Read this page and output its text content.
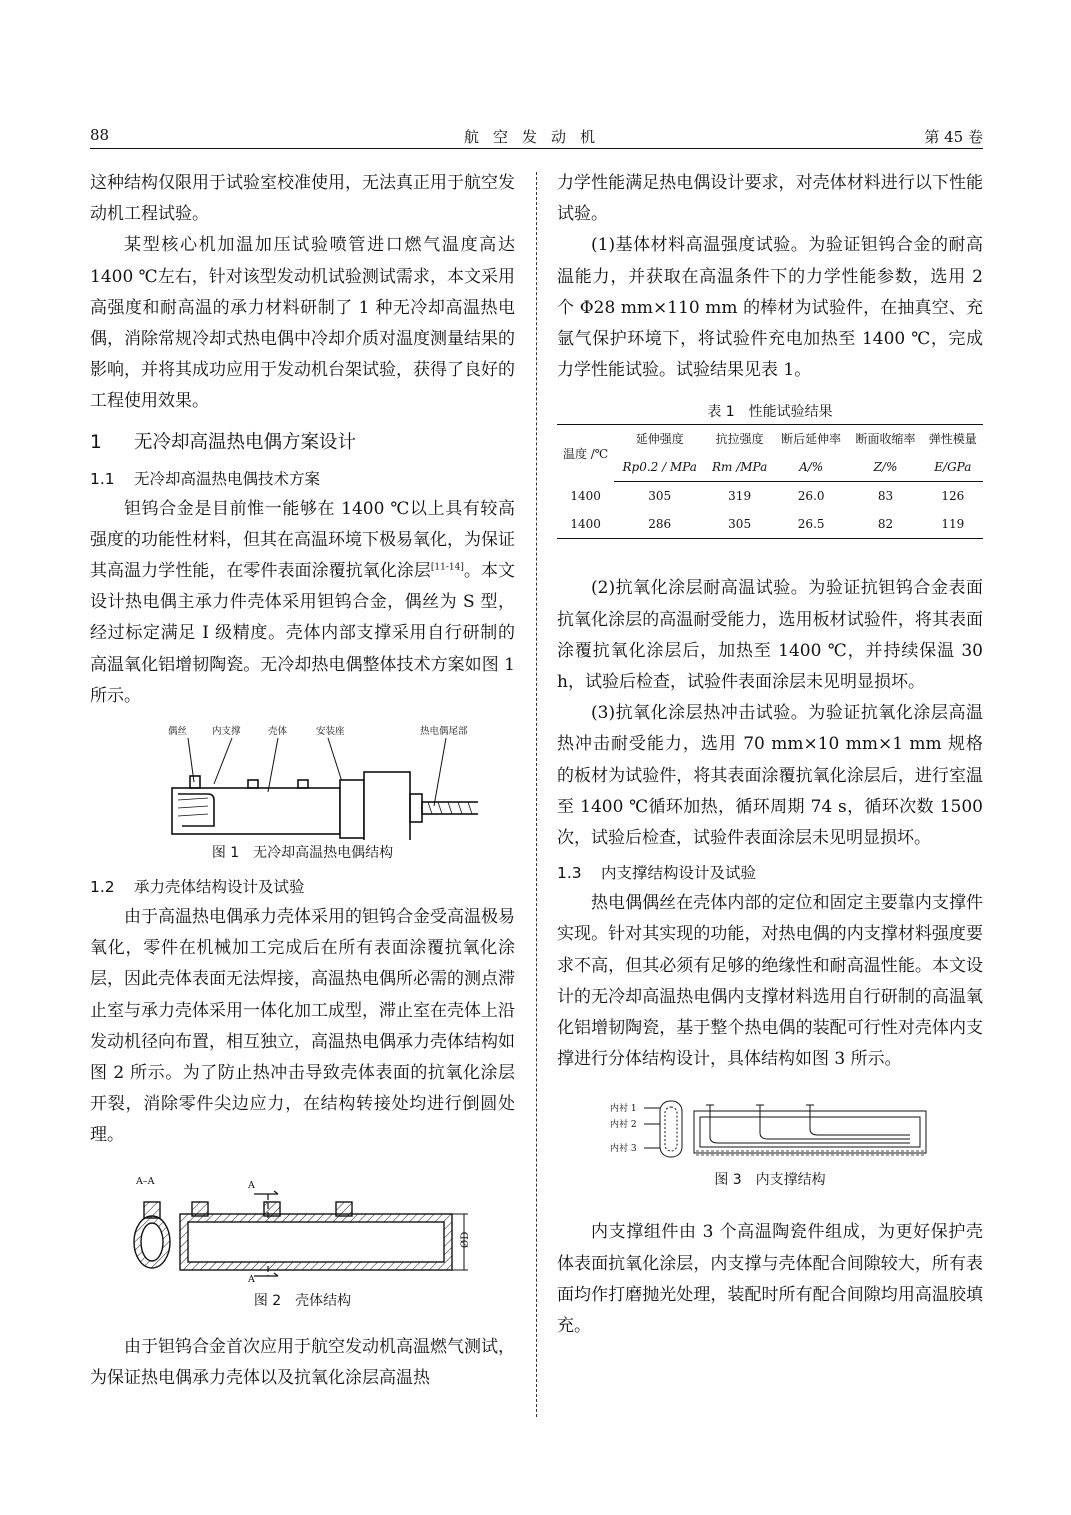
88	航空发动机	第 45 卷

这种结构仅限用于试验室校准使用，无法真正用于航空发动机工程试验。

某型核心机加温加压试验喷管进口燃气温度高达 1400 ℃左右，针对该型发动机试验测试需求，本文采用高强度和耐高温的承力材料研制了 1 种无冷却高温热电偶，消除常规冷却式热电偶中冷却介质对温度测量结果的影响，并将其成功应用于发动机台架试验，获得了良好的工程使用效果。

1 无冷却高温热电偶方案设计
1.1 无冷却高温热电偶技术方案

钽钨合金是目前惟一能够在 1400 ℃以上具有较高强度的功能性材料，但其在高温环境下极易氧化，为保证其高温力学性能，在零件表面涂覆抗氧化涂层[11-14]。本文设计热电偶主承力件壳体采用钽钨合金，偶丝为 S 型，经过标定满足 I 级精度。壳体内部支撑采用自行研制的高温氧化铝增韧陶瓷。无冷却热电偶整体技术方案如图 1 所示。

偶丝	内支撑	壳体	安装座	热电偶尾部
图 1 无冷却高温热电偶结构
1.2 承力壳体结构设计及试验

由于高温热电偶承力壳体采用的钽钨合金受高温极易氧化，零件在机械加工完成后在所有表面涂覆抗氧化涂层，因此壳体表面无法焊接，高温热电偶所必需的测点滞止室与承力壳体采用一体化加工成型，滞止室在壳体上沿发动机径向布置，相互独立，高温热电偶承力壳体结构如图 2 所示。为了防止热冲击导致壳体表面的抗氧化涂层开裂，消除零件尖边应力，在结构转接处均进行倒圆处理。

A–A	A
A
ØD
图 2 壳体结构

由于钽钨合金首次应用于航空发动机高温燃气测试，为保证热电偶承力壳体以及抗氧化涂层高温热

力学性能满足热电偶设计要求，对壳体材料进行以下性能试验。

(1)基体材料高温强度试验。为验证钽钨合金的耐高温能力，并获取在高温条件下的力学性能参数，选用 2 个 Φ28 mm×110 mm 的棒材为试验件，在抽真空、充氩气保护环境下，将试验件充电加热至 1400 ℃，完成力学性能试验。试验结果见表 1。

表 1 性能试验结果
温度 /℃	延伸强度	抗拉强度	断后延伸率	断面收缩率	弹性模量
	Rp0.2 / MPa	Rm /MPa	A/%	Z/%	E/GPa
1400	305	319	26.0	83	126
1400	286	305	26.5	82	119

(2)抗氧化涂层耐高温试验。为验证抗钽钨合金表面抗氧化涂层的高温耐受能力，选用板材试验件，将其表面涂覆抗氧化涂层后，加热至 1400 ℃，并持续保温 30 h，试验后检查，试验件表面涂层未见明显损坏。

(3)抗氧化涂层热冲击试验。为验证抗氧化涂层高温热冲击耐受能力，选用 70 mm×10 mm×1 mm 规格的板材为试验件，将其表面涂覆抗氧化涂层后，进行室温至 1400 ℃循环加热，循环周期 74 s，循环次数 1500 次，试验后检查，试验件表面涂层未见明显损坏。

1.3 内支撑结构设计及试验

热电偶偶丝在壳体内部的定位和固定主要靠内支撑件实现。针对其实现的功能，对热电偶的内支撑材料强度要求不高，但其必须有足够的绝缘性和耐高温性能。本文设计的无冷却高温热电偶内支撑材料选用自行研制的高温氧化铝增韧陶瓷，基于整个热电偶的装配可行性对壳体内支撑进行分体结构设计，具体结构如图 3 所示。

内衬 1
内衬 2
内衬 3
图 3 内支撑结构

内支撑组件由 3 个高温陶瓷件组成，为更好保护壳体表面抗氧化涂层，内支撑与壳体配合间隙较大，所有表面均作打磨抛光处理，装配时所有配合间隙均用高温胶填充。
